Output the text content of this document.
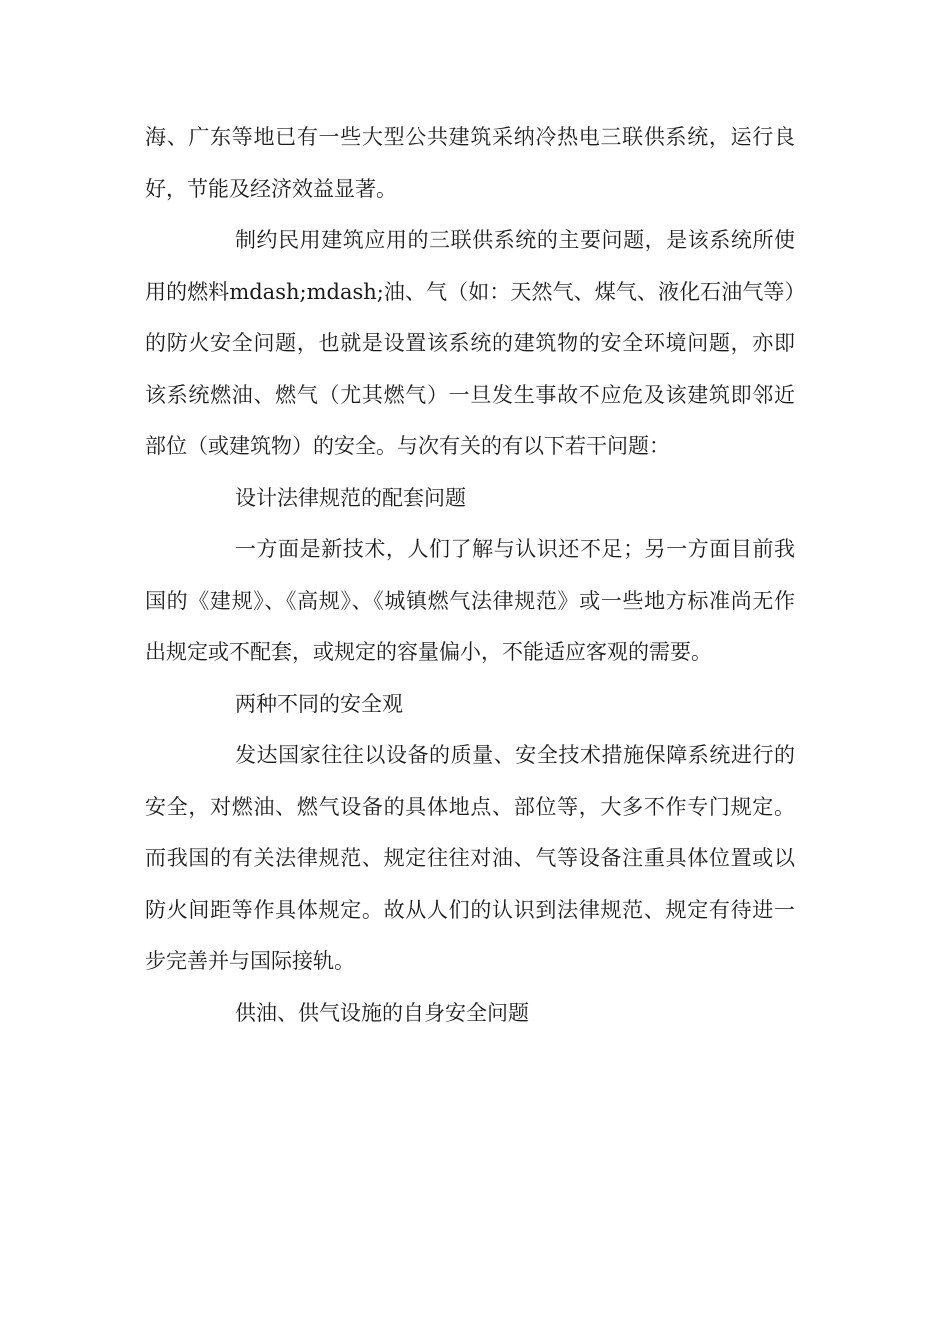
海、广东等地已有一些大型公共建筑采纳冷热电三联供系统，运行良好，节能及经济效益显著。

制约民用建筑应用的三联供系统的主要问题，是该系统所使用的燃料mdash;mdash;油、气（如：天然气、煤气、液化石油气等）的防火安全问题，也就是设置该系统的建筑物的安全环境问题，亦即该系统燃油、燃气（尤其燃气）一旦发生事故不应危及该建筑即邻近部位（或建筑物）的安全。与次有关的有以下若干问题：

设计法律规范的配套问题

一方面是新技术，人们了解与认识还不足；另一方面目前我国的《建规》、《高规》、《城镇燃气法律规范》或一些地方标准尚无作出规定或不配套，或规定的容量偏小，不能适应客观的需要。

两种不同的安全观

发达国家往往以设备的质量、安全技术措施保障系统进行的安全，对燃油、燃气设备的具体地点、部位等，大多不作专门规定。而我国的有关法律规范、规定往往对油、气等设备注重具体位置或以防火间距等作具体规定。故从人们的认识到法律规范、规定有待进一步完善并与国际接轨。

供油、供气设施的自身安全问题
